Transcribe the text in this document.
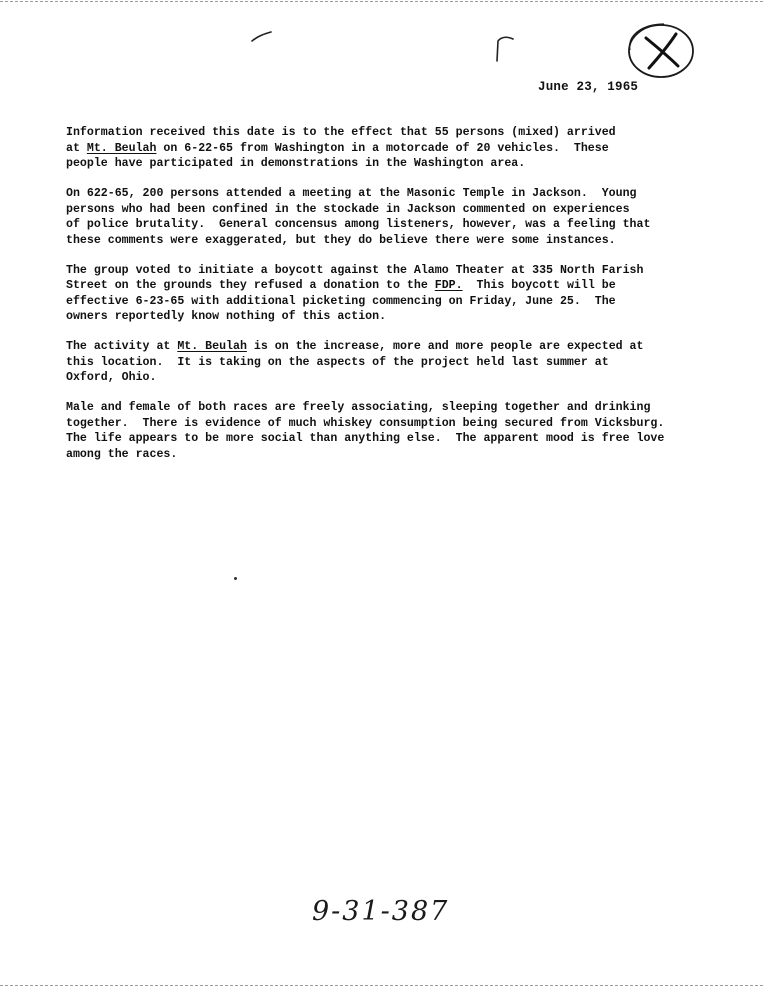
June 23, 1965

Information received this date is to the effect that 55 persons (mixed) arrived
at Mt. Beulah on 6-22-65 from Washington in a motorcade of 20 vehicles.  These
people have participated in demonstrations in the Washington area.

On 622-65, 200 persons attended a meeting at the Masonic Temple in Jackson.  Young
persons who had been confined in the stockade in Jackson commented on experiences
of police brutality.  General concensus among listeners, however, was a feeling that
these comments were exaggerated, but they do believe there were some instances.

The group voted to initiate a boycott against the Alamo Theater at 335 North Farish
Street on the grounds they refused a donation to the FDP.  This boycott will be
effective 6-23-65 with additional picketing commencing on Friday, June 25.  The
owners reportedly know nothing of this action.

The activity at Mt. Beulah is on the increase, more and more people are expected at
this location.  It is taking on the aspects of the project held last summer at
Oxford, Ohio.

Male and female of both races are freely associating, sleeping together and drinking
together.  There is evidence of much whiskey consumption being secured from Vicksburg.
The life appears to be more social than anything else.  The apparent mood is free love
among the races.

9-31-387
